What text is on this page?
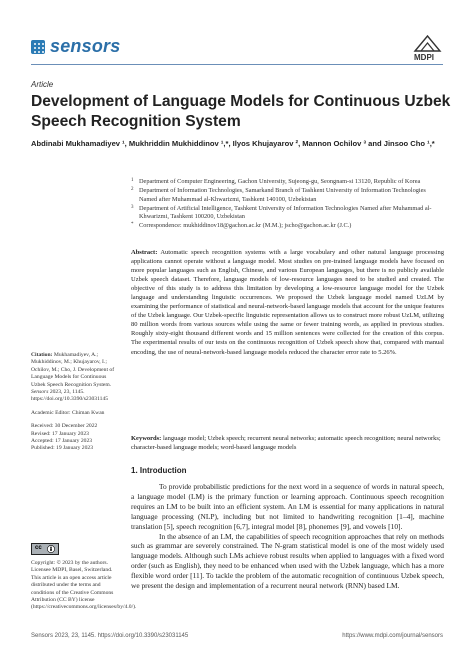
sensors
MDPI
Article
Development of Language Models for Continuous Uzbek Speech Recognition System
Abdinabi Mukhamadiyev ¹, Mukhriddin Mukhiddinov ¹,*, Ilyos Khujayarov ², Mannon Ochilov ³ and Jinsoo Cho ¹,*
1 Department of Computer Engineering, Gachon University, Sujeong-gu, Seongnam-si 13120, Republic of Korea
2 Department of Information Technologies, Samarkand Branch of Tashkent University of Information Technologies Named after Muhammad al-Khwarizmi, Tashkent 140100, Uzbekistan
3 Department of Artificial Intelligence, Tashkent University of Information Technologies Named after Muhammad al-Khwarizmi, Tashkent 100200, Uzbekistan
* Correspondence: mukhiddinov18@gachon.ac.kr (M.M.); jscho@gachon.ac.kr (J.C.)
Abstract: Automatic speech recognition systems with a large vocabulary and other natural language processing applications cannot operate without a language model. Most studies on pre-trained language models have focused on more popular languages such as English, Chinese, and various European languages, but there is no publicly available Uzbek speech dataset. Therefore, language models of low-resource languages need to be studied and created. The objective of this study is to address this limitation by developing a low-resource language model for the Uzbek language and understanding linguistic occurrences. We proposed the Uzbek language model named UzLM by examining the performance of statistical and neural-network-based language models that account for the unique features of the Uzbek language. Our Uzbek-specific linguistic representation allows us to construct more robust UzLM, utilizing 80 million words from various sources while using the same or fewer training words, as applied in previous studies. Roughly sixty-eight thousand different words and 15 million sentences were collected for the creation of this corpus. The experimental results of our tests on the continuous recognition of Uzbek speech show that, compared with manual encoding, the use of neural-network-based language models reduced the character error rate to 5.26%.
Keywords: language model; Uzbek speech; recurrent neural networks; automatic speech recognition; neural networks; character-based language models; word-based language models
Citation: Mukhamadiyev, A.; Mukhiddinov, M.; Khujayarov, I.; Ochilov, M.; Cho, J. Development of Language Models for Continuous Uzbek Speech Recognition System. Sensors 2023, 23, 1145. https://doi.org/10.3390/s23031145
Academic Editor: Chiman Kwan
Received: 30 December 2022
Revised: 17 January 2023
Accepted: 17 January 2023
Published: 19 January 2023
cc
Copyright: © 2023 by the authors. Licensee MDPI, Basel, Switzerland. This article is an open access article distributed under the terms and conditions of the Creative Commons Attribution (CC BY) license (https://creativecommons.org/licenses/by/4.0/).
1. Introduction

To provide probabilistic predictions for the next word in a sequence of words in natural speech, a language model (LM) is the primary function or learning approach. Continuous speech recognition requires an LM to be built into an efficient system. An LM is essential for many applications in natural language processing (NLP), including but not limited to handwriting recognition [1–4], machine translation [5], speech recognition [6,7], integral model [8], phonemes [9], and vowels [10].

In the absence of an LM, the capabilities of speech recognition approaches that rely on methods such as grammar are severely constrained. The N-gram statistical model is one of the most widely used language models. Although such LMs achieve robust results when applied to languages with a fixed word order (such as English), they need to be enhanced when used with the Uzbek language, which has a more flexible word order [11]. To tackle the problem of the automatic recognition of continuous Uzbek speech, we present the design and implementation of a recurrent neural network (RNN) based LM.

Sensors 2023, 23, 1145. https://doi.org/10.3390/s23031145	https://www.mdpi.com/journal/sensors
